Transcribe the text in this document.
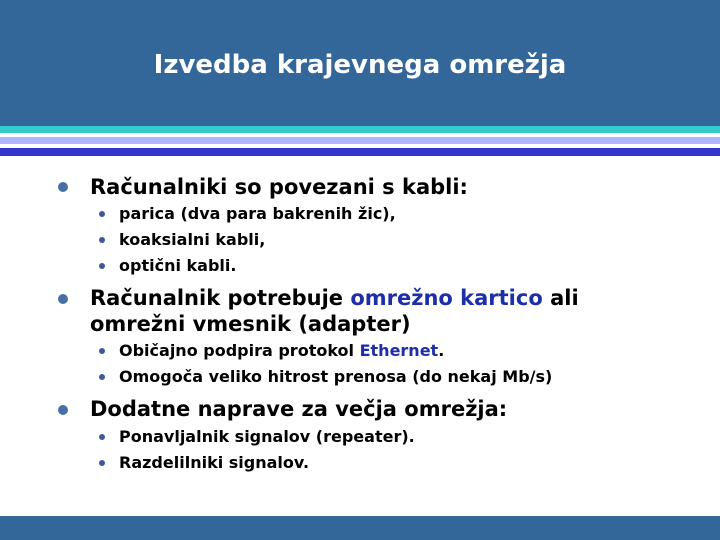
Izvedba krajevnega omrežja
Računalniki so povezani s kabli:
parica (dva para bakrenih žic),
koaksialni kabli,
optični kabli.
Računalnik potrebuje omrežno kartico ali
omrežni vmesnik (adapter)
Običajno podpira protokol Ethernet.
Omogoča veliko hitrost prenosa (do nekaj Mb/s)
Dodatne naprave za večja omrežja:
Ponavljalnik signalov (repeater).
Razdelilniki signalov.
